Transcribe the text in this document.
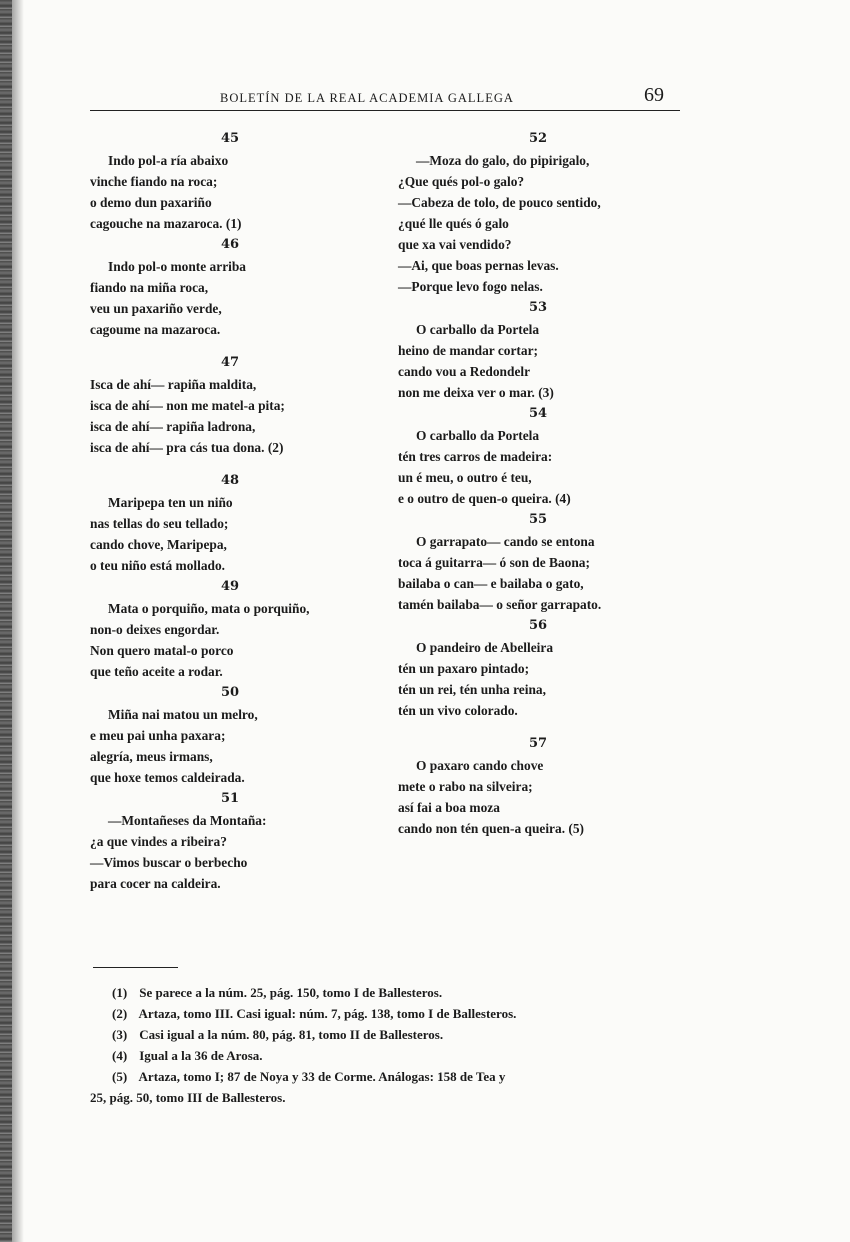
BOLETÍN DE LA REAL ACADEMIA GALLEGA	69
45
Indo pol-a ría abaixo
vinche fiando na roca;
o demo dun paxariño
cagouche na mazaroca. (1)
46
Indo pol-o monte arriba
fiando na miña roca,
veu un paxariño verde,
cagoume na mazaroca.
47
Isca de ahí— rapiña maldita,
isca de ahí— non me matel-a pita;
isca de ahí— rapiña ladrona,
isca de ahí— pra cás tua dona. (2)
48
Maripepa ten un niño
nas tellas do seu tellado;
cando chove, Maripepa,
o teu niño está mollado.
49
Mata o porquiño, mata o porquiño,
non-o deixes engordar.
Non quero matal-o porco
que teño aceite a rodar.
50
Miña nai matou un melro,
e meu pai unha paxara;
alegría, meus irmans,
que hoxe temos caldeirada.
51
—Montañeses da Montaña:
¿a que vindes a ribeira?
—Vimos buscar o berbecho
para cocer na caldeira.
52
—Moza do galo, do pipirigalo,
¿Que qués pol-o galo?
—Cabeza de tolo, de pouco sentido,
¿qué lle qués ó galo
que xa vai vendido?
—Ai, que boas pernas levas.
—Porque levo fogo nelas.
53
O carballo da Portela
heino de mandar cortar;
cando vou a Redondelr
non me deixa ver o mar. (3)
54
O carballo da Portela
tén tres carros de madeira:
un é meu, o outro é teu,
e o outro de quen-o queira. (4)
55
O garrapato— cando se entona
toca á guitarra— ó son de Baona;
bailaba o can— e bailaba o gato,
tamén bailaba— o señor garrapato.
56
O pandeiro de Abelleira
tén un paxaro pintado;
tén un rei, tén unha reina,
tén un vivo colorado.
57
O paxaro cando chove
mete o rabo na silveira;
así fai a boa moza
cando non tén quen-a queira. (5)
(1) Se parece a la núm. 25, pág. 150, tomo I de Ballesteros.
(2) Artaza, tomo III. Casi igual: núm. 7, pág. 138, tomo I de Ballesteros.
(3) Casi igual a la núm. 80, pág. 81, tomo II de Ballesteros.
(4) Igual a la 36 de Arosa.
(5) Artaza, tomo I; 87 de Noya y 33 de Corme. Análogas: 158 de Tea y
25, pág. 50, tomo III de Ballesteros.
